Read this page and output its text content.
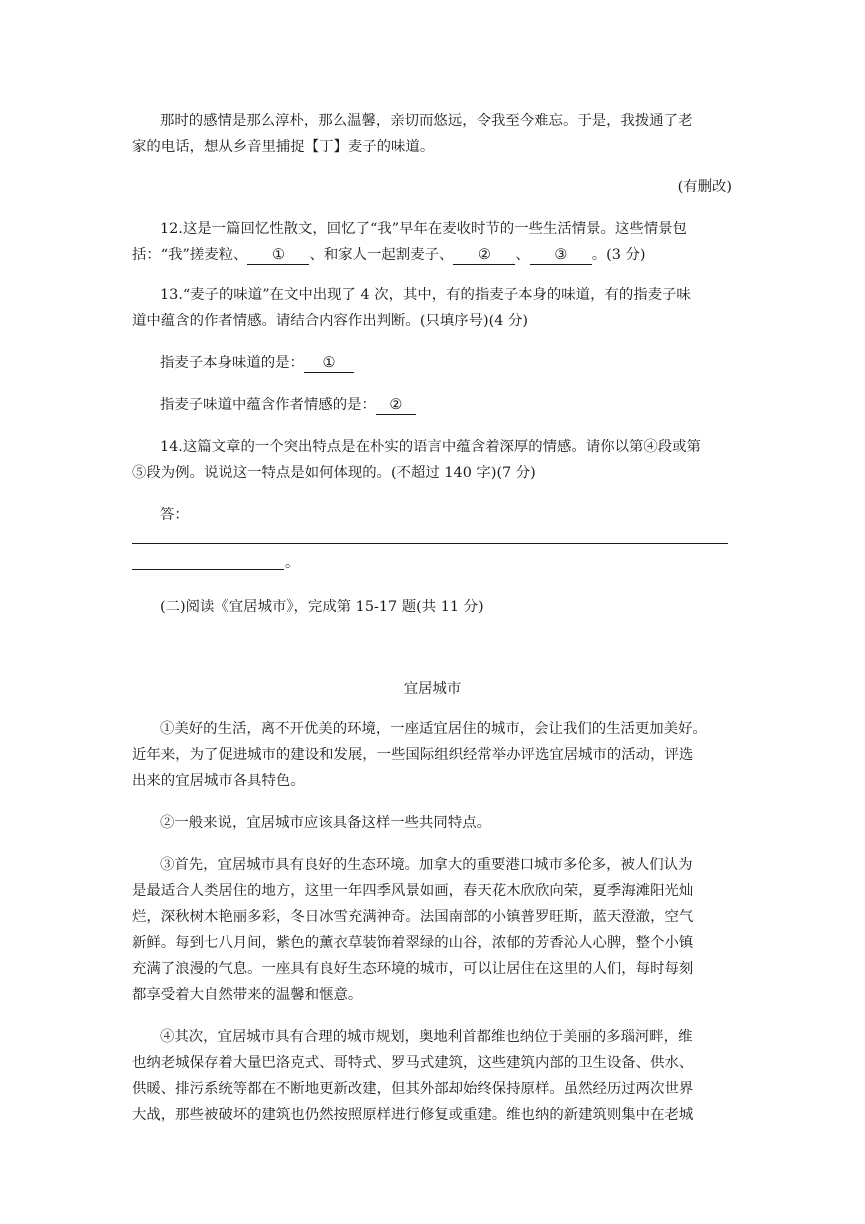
那时的感情是那么淳朴，那么温馨，亲切而悠远，令我至今难忘。于是，我拨通了老
家的电话，想从乡音里捕捉【丁】麦子的味道。
(有删改)
12.这是一篇回忆性散文，回忆了“我”早年在麦收时节的一些生活情景。这些情景包
括：“我”搓麦粒、 ① 、和家人一起割麦子、 ② 、 ③ 。(3 分)
13.“麦子的味道”在文中出现了 4 次，其中，有的指麦子本身的味道，有的指麦子味
道中蕴含的作者情感。请结合内容作出判断。(只填序号)(4 分)
指麦子本身味道的是： ①
指麦子味道中蕴含作者情感的是： ②
14.这篇文章的一个突出特点是在朴实的语言中蕴含着深厚的情感。请你以第④段或第
⑤段为例。说说这一特点是如何体现的。(不超过 140 字)(7 分)
答：
。
(二)阅读《宜居城市》，完成第 15-17 题(共 11 分)
宜居城市
①美好的生活，离不开优美的环境，一座适宜居住的城市，会让我们的生活更加美好。
近年来，为了促进城市的建设和发展，一些国际组织经常举办评选宜居城市的活动，评选
出来的宜居城市各具特色。
②一般来说，宜居城市应该具备这样一些共同特点。
③首先，宜居城市具有良好的生态环境。加拿大的重要港口城市多伦多，被人们认为
是最适合人类居住的地方，这里一年四季风景如画，春天花木欣欣向荣，夏季海滩阳光灿
烂，深秋树木艳丽多彩，冬日冰雪充满神奇。法国南部的小镇普罗旺斯，蓝天澄澈，空气
新鲜。每到七八月间，紫色的薰衣草装饰着翠绿的山谷，浓郁的芳香沁人心脾，整个小镇
充满了浪漫的气息。一座具有良好生态环境的城市，可以让居住在这里的人们，每时每刻
都享受着大自然带来的温馨和惬意。
④其次，宜居城市具有合理的城市规划，奥地利首都维也纳位于美丽的多瑙河畔，维
也纳老城保存着大量巴洛克式、哥特式、罗马式建筑，这些建筑内部的卫生设备、供水、
供暖、排污系统等都在不断地更新改建，但其外部却始终保持原样。虽然经历过两次世界
大战，那些被破坏的建筑也仍然按照原样进行修复或重建。维也纳的新建筑则集中在老城
